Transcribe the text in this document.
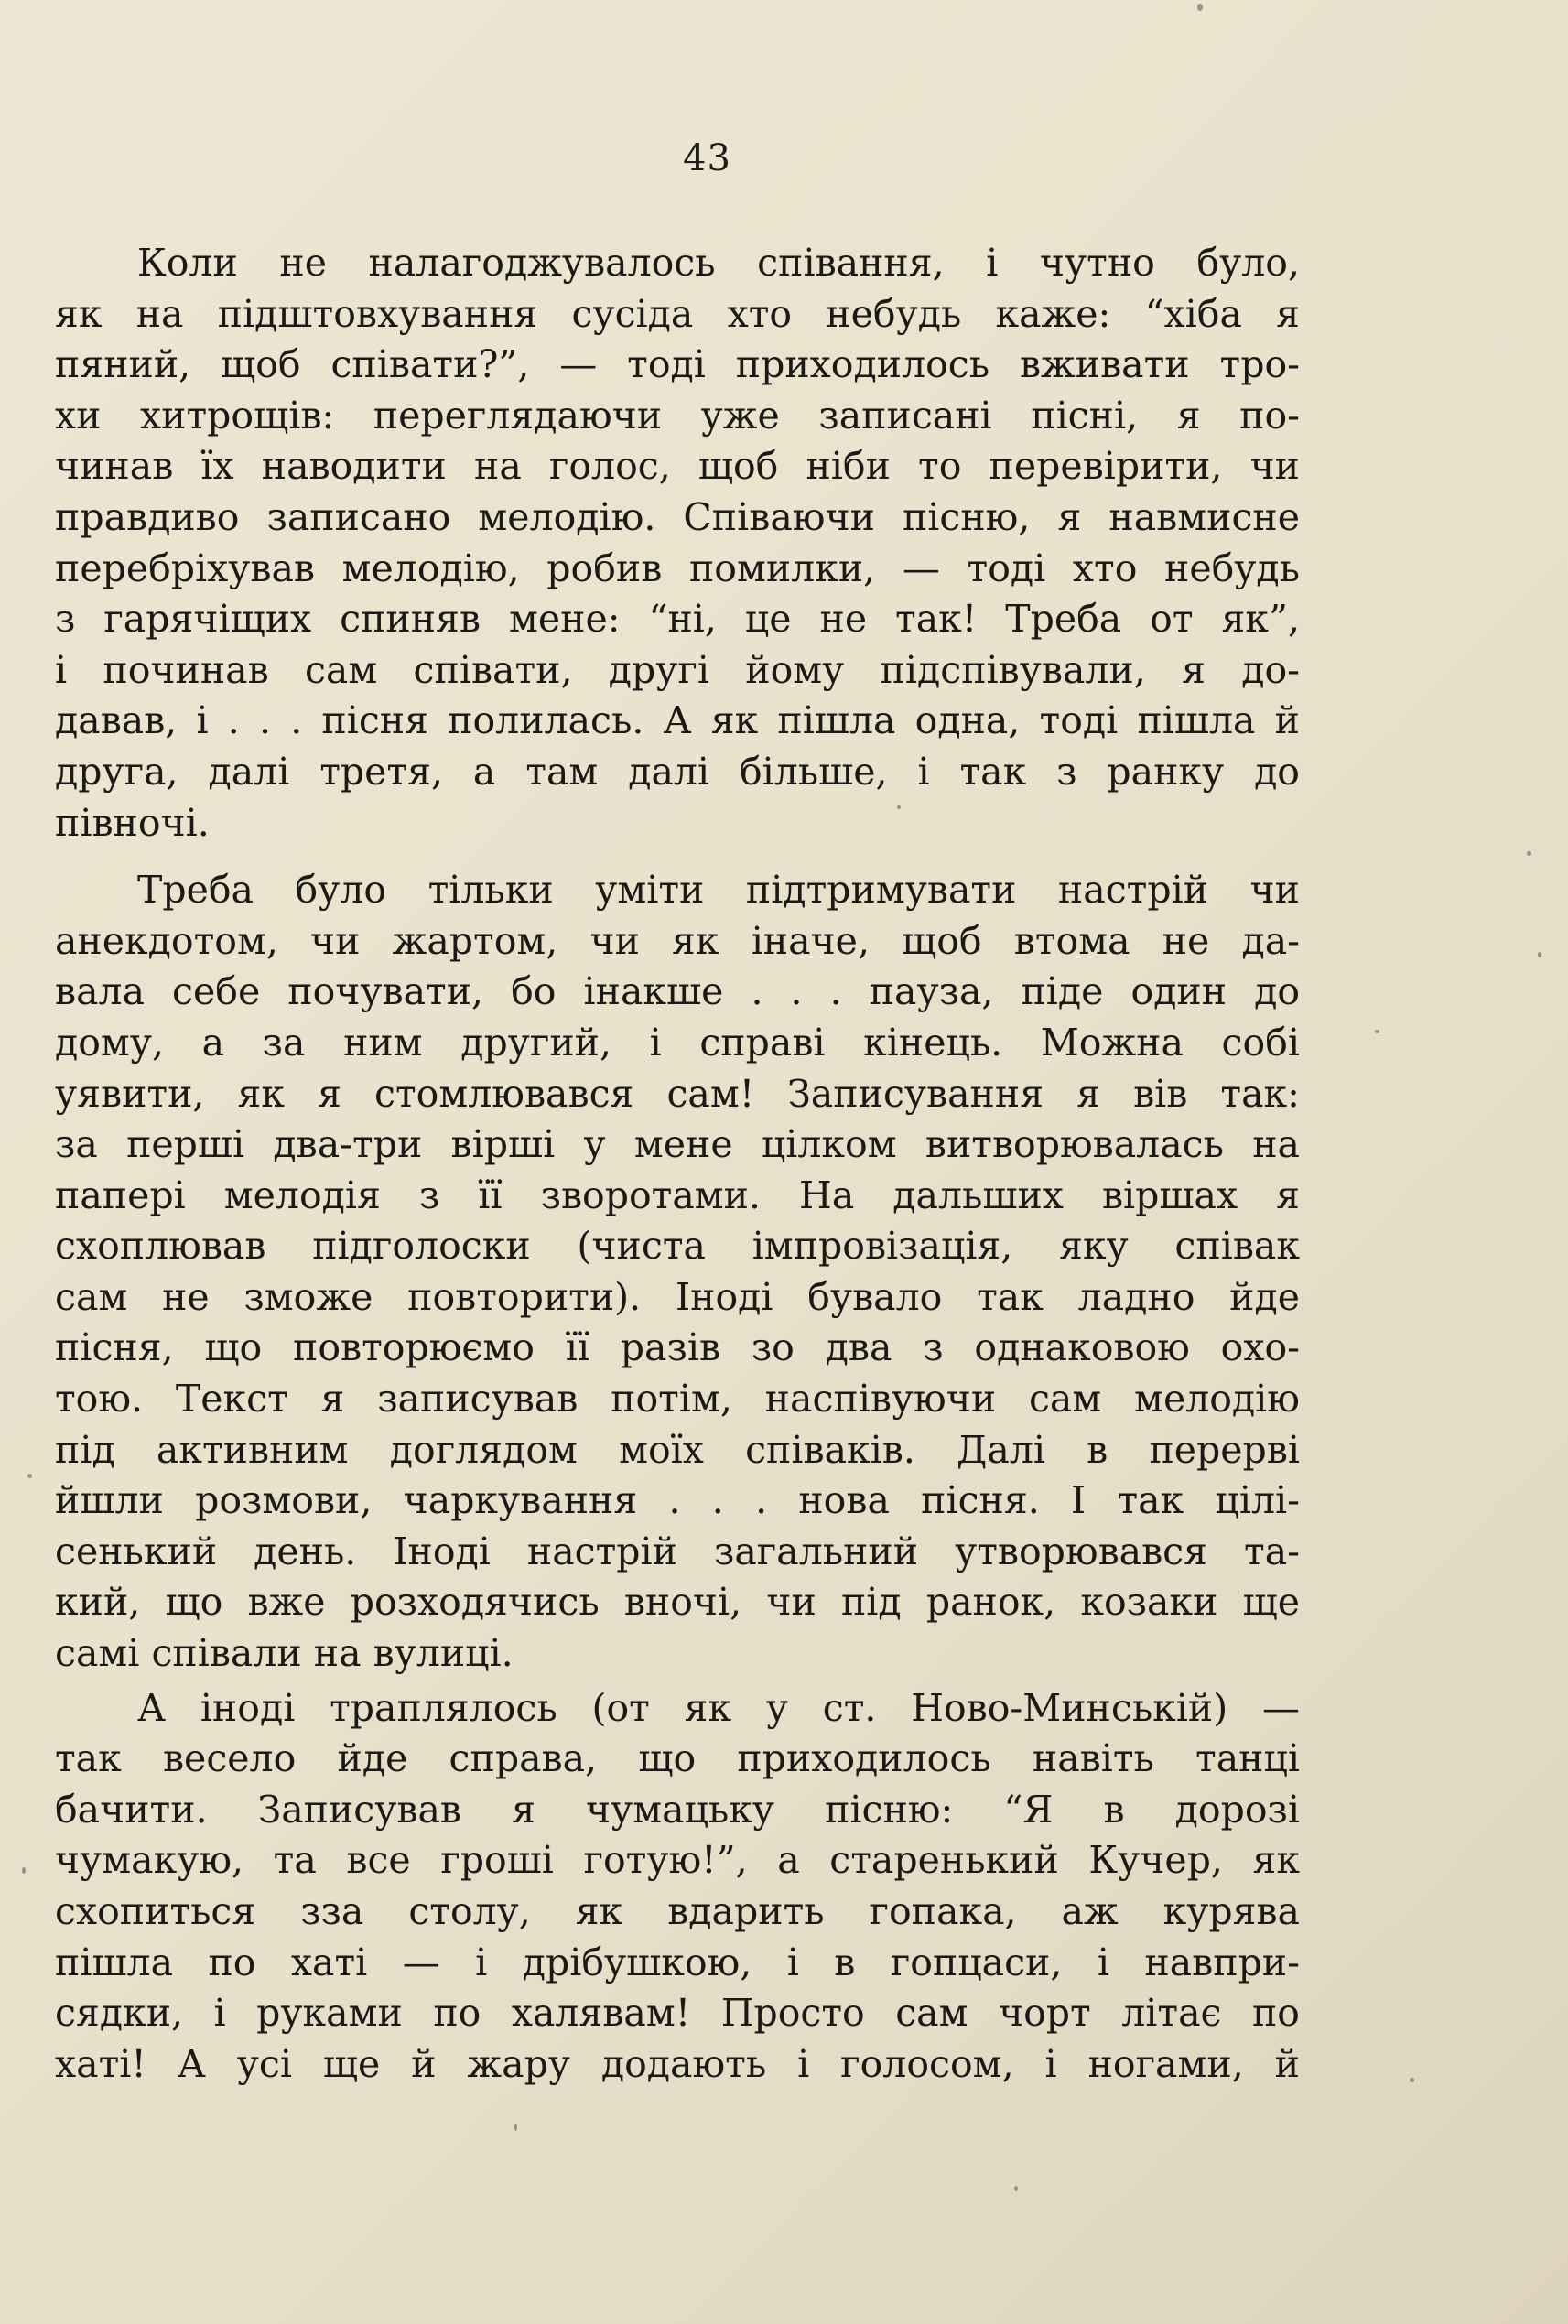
43
Коли не налагоджувалось співання, і чутно було,
як на підштовхування сусіда хто небудь каже: “хіба я
пяний, щоб співати?”, — тоді приходилось вживати тро-
хи хитрощів: переглядаючи уже записані пісні, я по-
чинав їх наводити на голос, щоб ніби то перевірити, чи
правдиво записано мелодію. Співаючи пісню, я навмисне
перебріхував мелодію, робив помилки, — тоді хто небудь
з гарячіщих спиняв мене: “ні, це не так! Треба от як”,
і починав сам співати, другі йому підспівували, я до-
давав, і . . . пісня полилась. А як пішла одна, тоді пішла й
друга, далі третя, а там далі більше, і так з ранку до
півночі.
Треба було тільки уміти підтримувати настрій чи
анекдотом, чи жартом, чи як іначе, щоб втома не да-
вала себе почувати, бо інакше . . . пауза, піде один до
дому, а за ним другий, і справі кінець. Можна собі
уявити, як я стомлювався сам! Записування я вів так:
за перші два-три вірші у мене цілком витворювалась на
папері мелодія з її зворотами. На дальших віршах я
схоплював підголоски (чиста імпровізація, яку співак
сам не зможе повторити). Іноді бувало так ладно йде
пісня, що повторюємо її разів зо два з однаковою охо-
тою. Текст я записував потім, наспівуючи сам мелодію
під активним доглядом моїх співаків. Далі в перерві
йшли розмови, чаркування . . . нова пісня. І так цілі-
сенький день. Іноді настрій загальний утворювався та-
кий, що вже розходячись вночі, чи під ранок, козаки ще
самі співали на вулиці.
А іноді траплялось (от як у ст. Ново-Минській) —
так весело йде справа, що приходилось навіть танці
бачити. Записував я чумацьку пісню: “Я в дорозі
чумакую, та все гроші готую!”, а старенький Кучер, як
схопиться зза столу, як вдарить гопака, аж курява
пішла по хаті — і дрібушкою, і в гопцаси, і навпри-
сядки, і руками по халявам! Просто сам чорт літає по
хаті! А усі ще й жару додають і голосом, і ногами, й
